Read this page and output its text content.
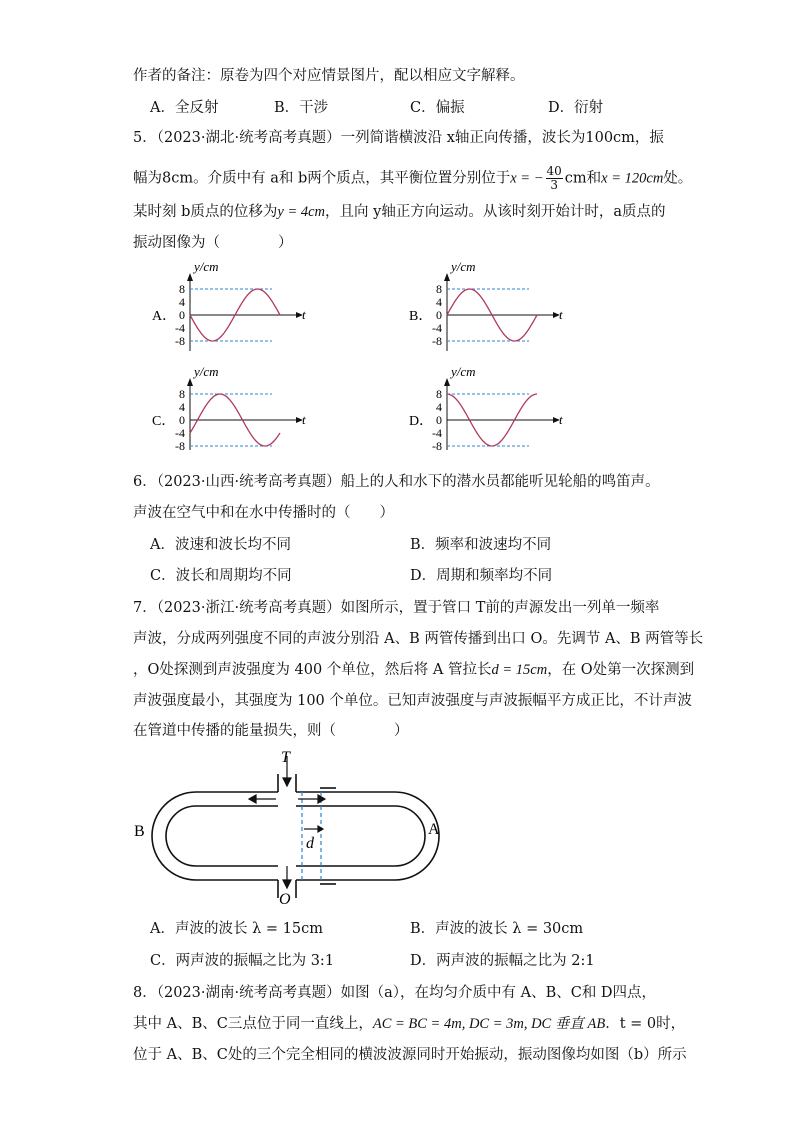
作者的备注：原卷为四个对应情景图片，配以相应文字解释。
A．全反射	B．干涉	C．偏振	D．衍射
5．（2023·湖北·统考高考真题）一列简谐横波沿 x轴正向传播，波长为100cm，振
幅为8cm。介质中有 a和 b两个质点，其平衡位置分别位于x = − $\frac{40}{3}$ cm和x = 120cm处。
某时刻 b质点的位移为y = 4cm，且向 y轴正方向运动。从该时刻开始计时，a质点的
振动图像为（　　　　）
A．
y/cm
t
8
4
0
-4
-8
B．
y/cm
t
8
4
0
-4
-8
C．
y/cm
t
8
4
0
-4
-8
D．
y/cm
t
8
4
0
-4
-8
6．（2023·山西·统考高考真题）船上的人和水下的潜水员都能听见轮船的鸣笛声。
声波在空气中和在水中传播时的（　　）
A．波速和波长均不同	B．频率和波速均不同
C．波长和周期均不同	D．周期和频率均不同
7．（2023·浙江·统考高考真题）如图所示，置于管口 T前的声源发出一列单一频率
声波，分成两列强度不同的声波分别沿 A、B 两管传播到出口 O。先调节 A、B 两管等长
，O处探测到声波强度为 400 个单位，然后将 A 管拉长d = 15cm，在 O处第一次探测到
声波强度最小，其强度为 100 个单位。已知声波强度与声波振幅平方成正比，不计声波
在管道中传播的能量损失，则（　　　　）
T
O
B	A
d
A．声波的波长 λ = 15cm	B．声波的波长 λ = 30cm
C．两声波的振幅之比为 3:1	D．两声波的振幅之比为 2:1
8．（2023·湖南·统考高考真题）如图（a），在均匀介质中有 A、B、C和 D四点，
其中 A、B、C三点位于同一直线上，AC = BC = 4m, DC = 3m, DC 垂直 AB．t = 0时，
位于 A、B、C处的三个完全相同的横波波源同时开始振动，振动图像均如图（b）所示
